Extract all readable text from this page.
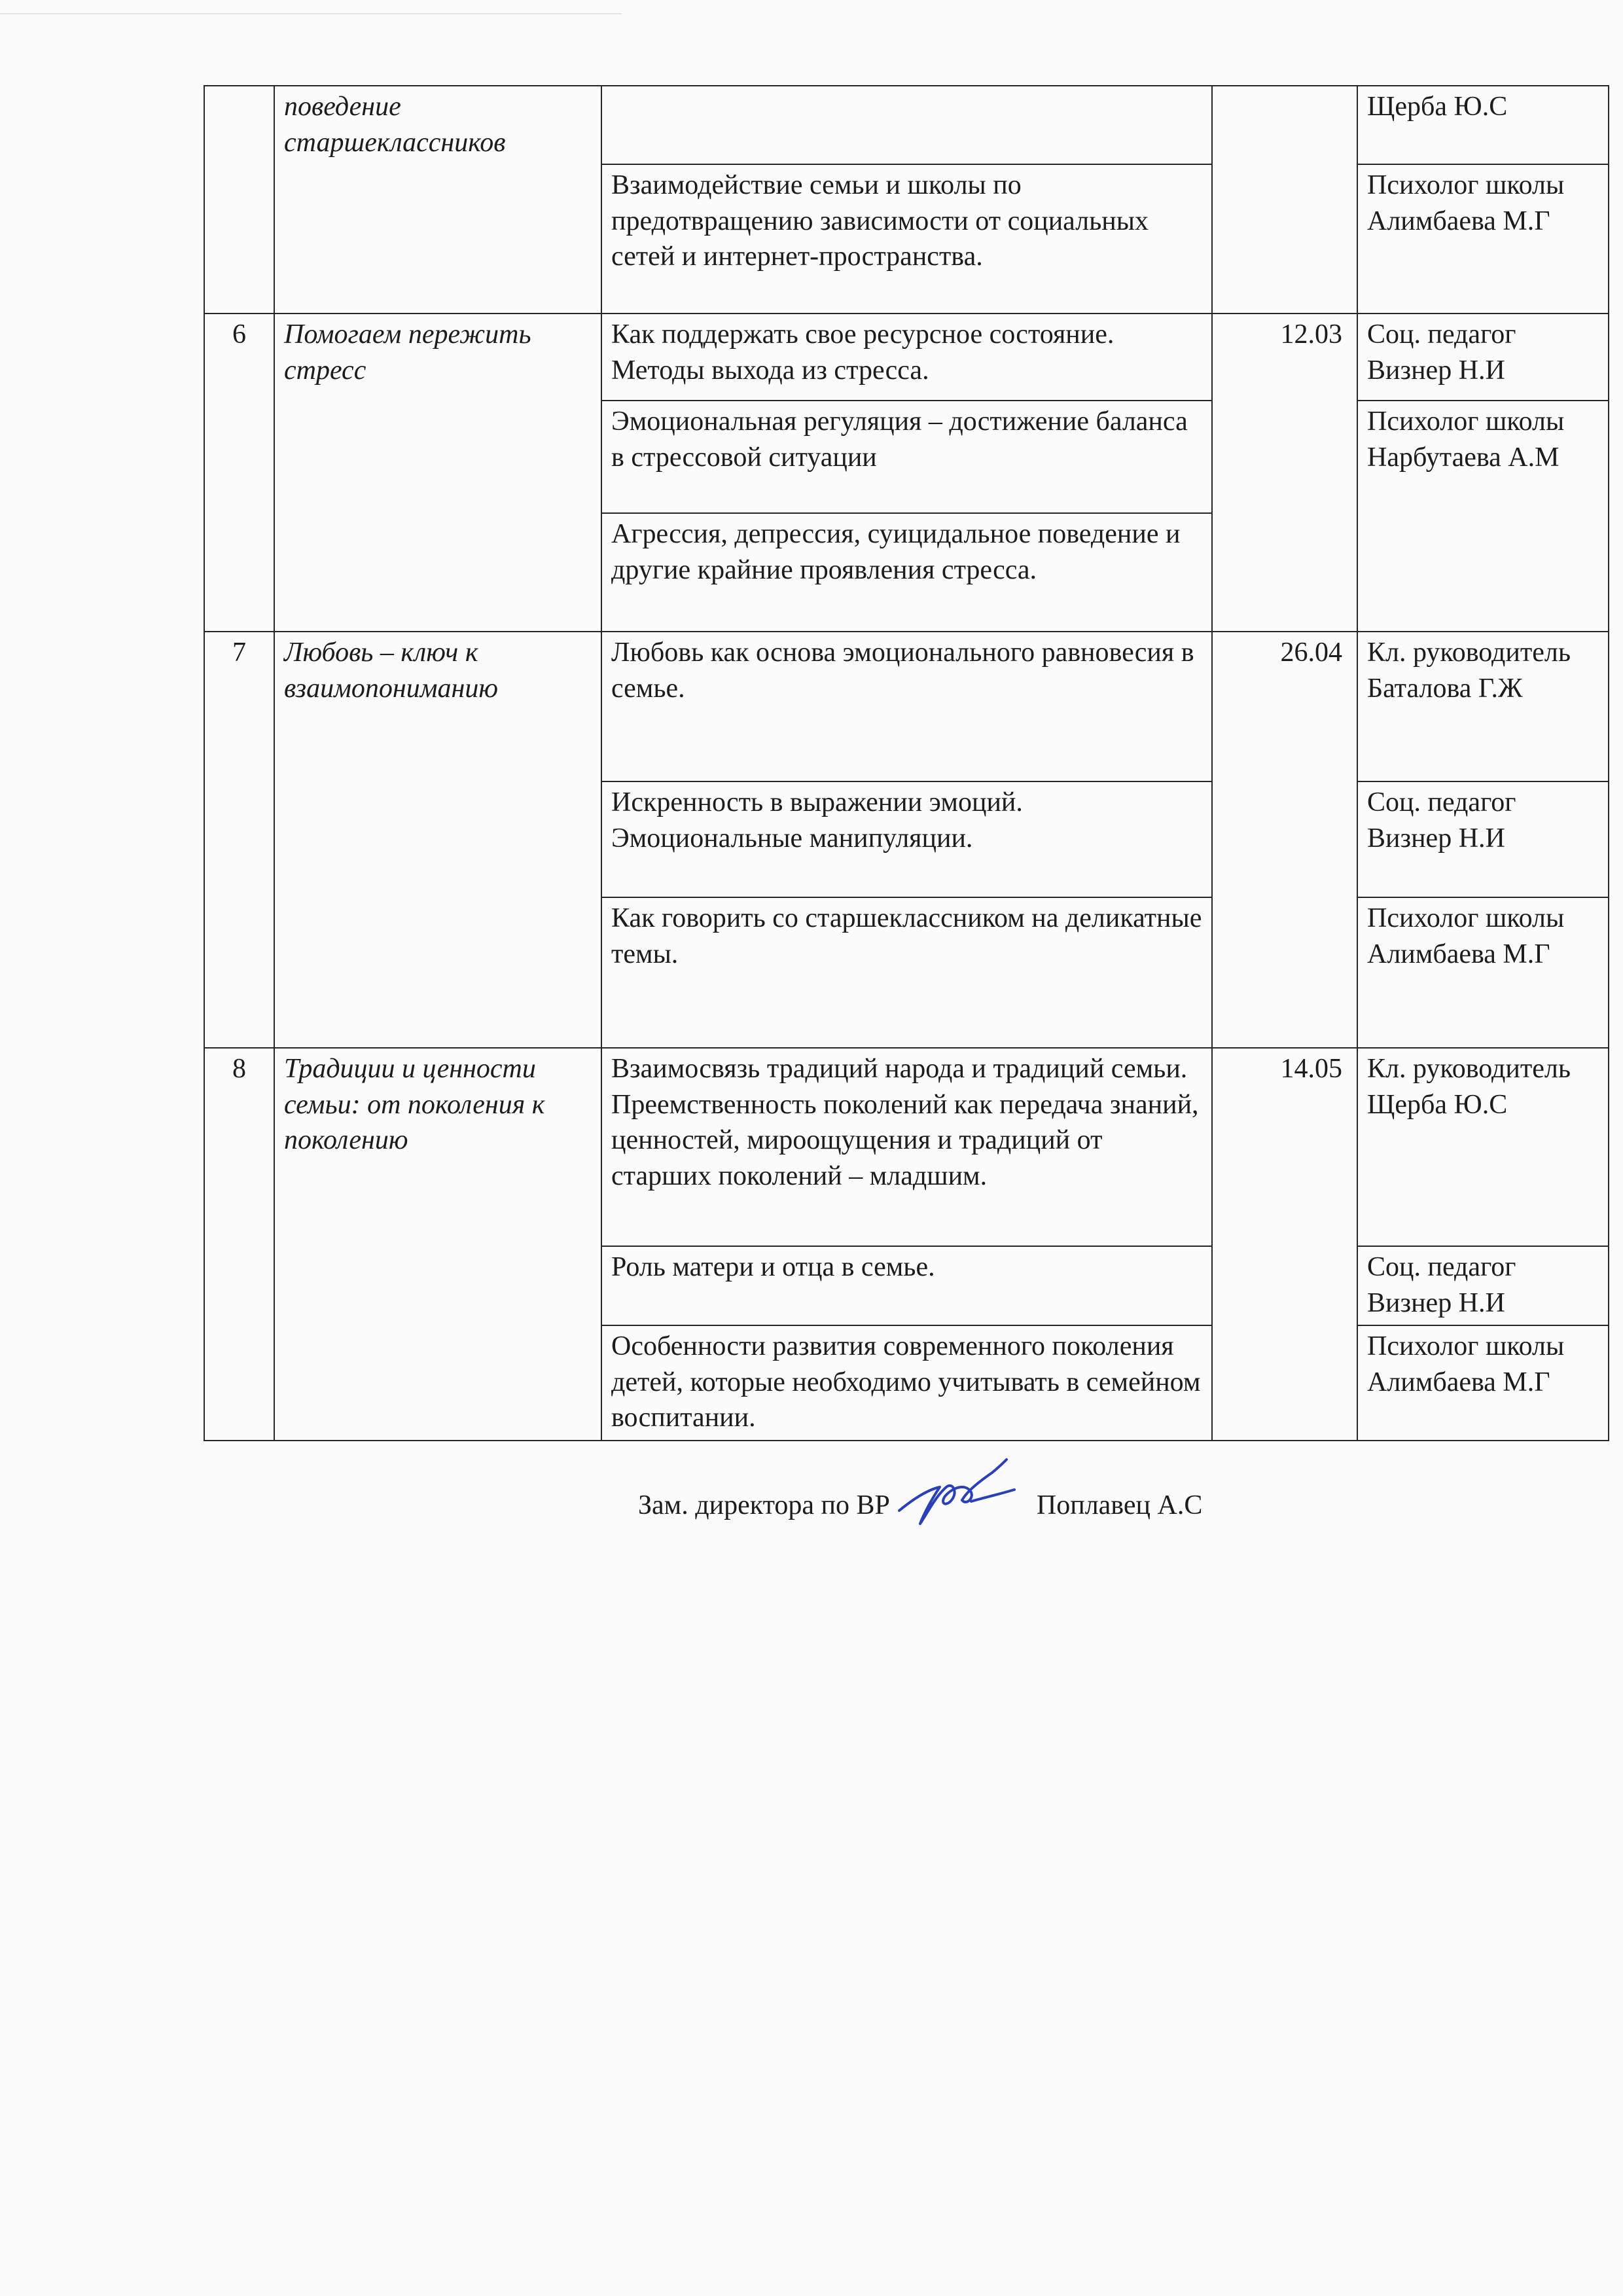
	поведение старшеклассников			Щерба Ю.С
		Взаимодействие семьи и школы по предотвращению зависимости от социальных сетей и интернет-пространства.		Психолог школы Алимбаева М.Г
6	Помогаем пережить стресс	Как поддержать свое ресурсное состояние. Методы выхода из стресса.	12.03	Соц. педагог Визнер Н.И
		Эмоциональная регуляция – достижение баланса в стрессовой ситуации		Психолог школы Нарбутаева А.М
		Агрессия, депрессия, суицидальное поведение и другие крайние проявления стресса.		
7	Любовь – ключ к взаимопониманию	Любовь как основа эмоционального равновесия в семье.	26.04	Кл. руководитель Баталова Г.Ж
		Искренность в выражении эмоций. Эмоциональные манипуляции.		Соц. педагог Визнер Н.И
		Как говорить со старшеклассником на деликатные темы.		Психолог школы Алимбаева М.Г
8	Традиции и ценности семьи: от поколения к поколению	Взаимосвязь традиций народа и традиций семьи. Преемственность поколений как передача знаний, ценностей, мироощущения и традиций от старших поколений – младшим.	14.05	Кл. руководитель Щерба Ю.С
		Роль матери и отца в семье.		Соц. педагог Визнер Н.И
		Особенности развития современного поколения детей, которые необходимо учитывать в семейном воспитании.		Психолог школы Алимбаева М.Г
Зам. директора по ВР	Поплавец А.С
